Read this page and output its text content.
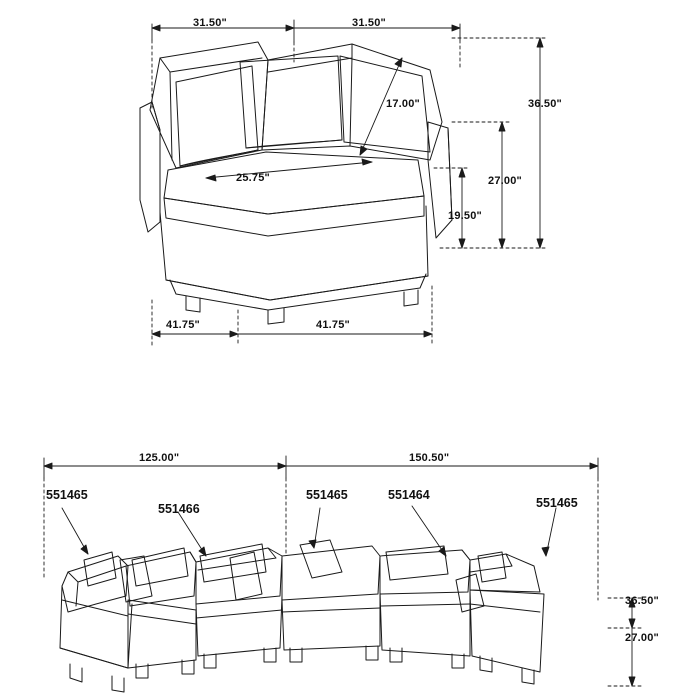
31.50"	31.50"
17.00"
25.75"
36.50"
27.00"
19.50"
41.75"	41.75"
125.00"	150.50"
36.50"
27.00"
551465
551466
551465	551464
551465
